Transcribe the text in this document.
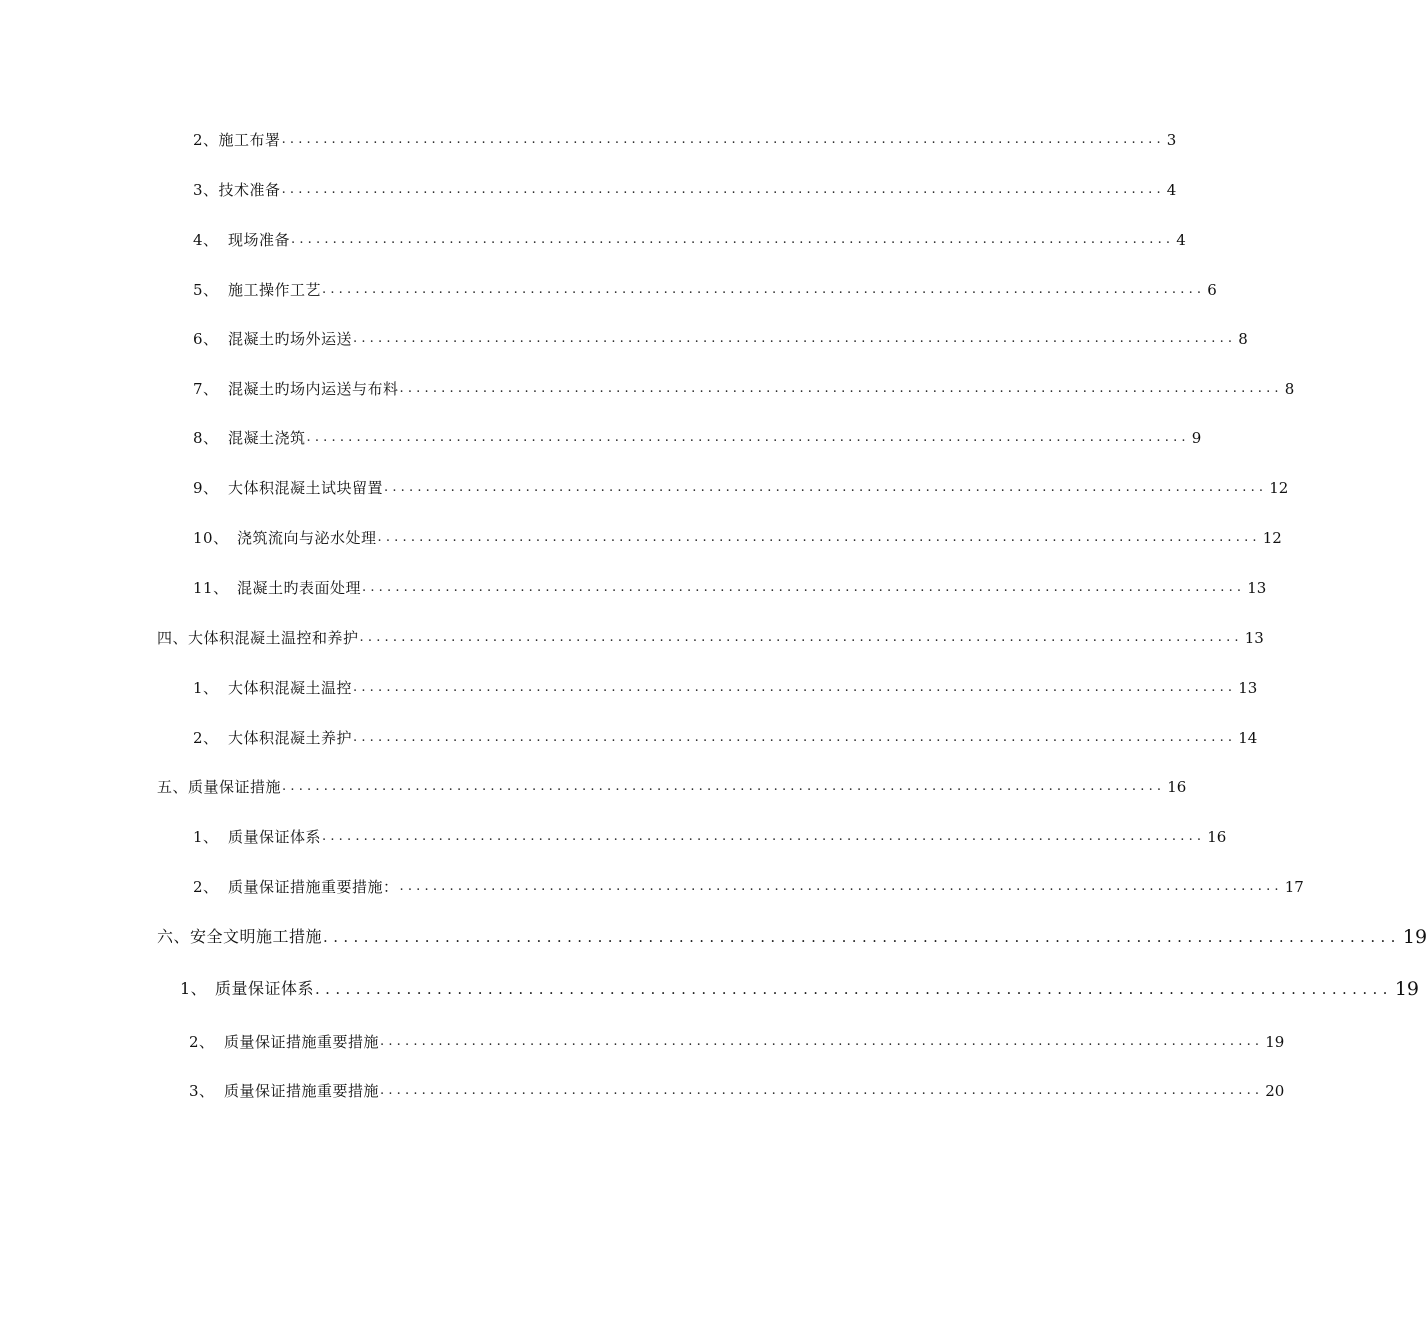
2、施工布署 .......................................................................................................... 3
3、技术准备 .......................................................................................................... 4
4、 现场准备 .......................................................................................................... 4
5、 施工操作工艺 .......................................................................................................... 6
6、 混凝土旳场外运送 .......................................................................................................... 8
7、 混凝土旳场内运送与布料 .......................................................................................................... 8
8、 混凝土浇筑 .......................................................................................................... 9
9、 大体积混凝土试块留置 .......................................................................................................... 12
10、 浇筑流向与泌水处理 .......................................................................................................... 12
11、 混凝土旳表面处理 .......................................................................................................... 13
四、大体积混凝土温控和养护 .......................................................................................................... 13
1、 大体积混凝土温控 .......................................................................................................... 13
2、 大体积混凝土养护 .......................................................................................................... 14
五、质量保证措施 .......................................................................................................... 16
1、 质量保证体系 .......................................................................................................... 16
2、 质量保证措施重要措施： .......................................................................................................... 17
六、安全文明施工措施 .......................................................................................................... 19
1、 质量保证体系 .......................................................................................................... 19
2、 质量保证措施重要措施 .......................................................................................................... 19
3、 质量保证措施重要措施 .......................................................................................................... 20
